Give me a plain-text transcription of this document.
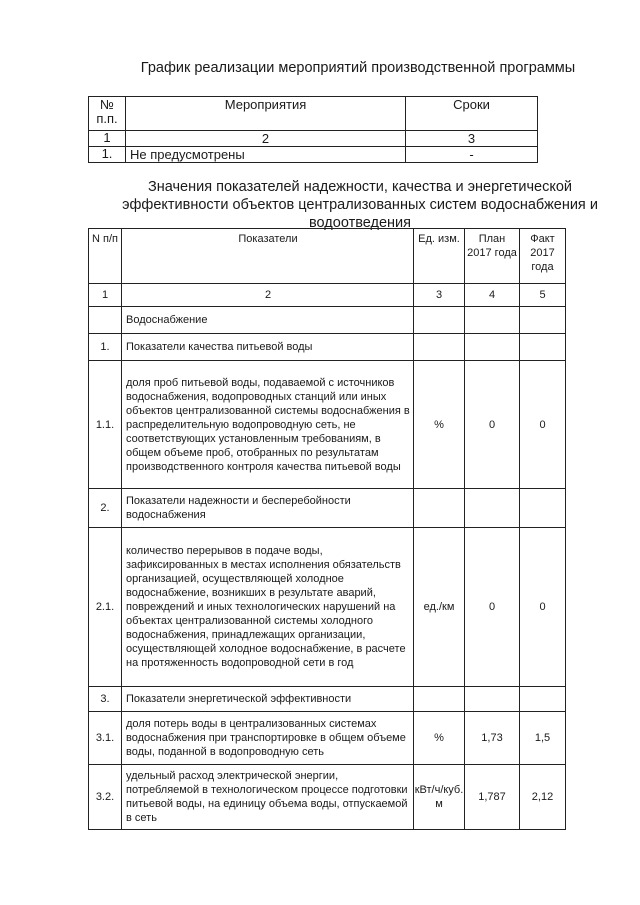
График реализации мероприятий производственной программы
№ п.п.	Мероприятия	Сроки
1	2	3
1.	Не предусмотрены	-
Значения показателей надежности, качества и энергетической эффективности объектов централизованных систем водоснабжения и водоотведения
N п/п	Показатели	Ед. изм.	План 2017 года	Факт 2017 года
1	2	3	4	5
	Водоснабжение			
1.	Показатели качества питьевой воды			
1.1.	доля проб питьевой воды, подаваемой с источников водоснабжения, водопроводных станций или иных объектов централизованной системы водоснабжения в распределительную водопроводную сеть, не соответствующих установленным требованиям, в общем объеме проб, отобранных по результатам производственного контроля качества питьевой воды	%	0	0
2.	Показатели надежности и бесперебойности водоснабжения			
2.1.	количество перерывов в подаче воды, зафиксированных в местах исполнения обязательств организацией, осуществляющей холодное водоснабжение, возникших в результате аварий, повреждений и иных технологических нарушений на объектах централизованной системы холодного водоснабжения, принадлежащих организации, осуществляющей холодное водоснабжение, в расчете на протяженность водопроводной сети в год	ед./км	0	0
3.	Показатели энергетической эффективности			
3.1.	доля потерь воды в централизованных системах водоснабжения при транспортировке в общем объеме воды, поданной в водопроводную сеть	%	1,73	1,5
3.2.	удельный расход электрической энергии, потребляемой в технологическом процессе подготовки питьевой воды, на единицу объема воды, отпускаемой в сеть	кВт/ч/куб. м	1,787	2,12
